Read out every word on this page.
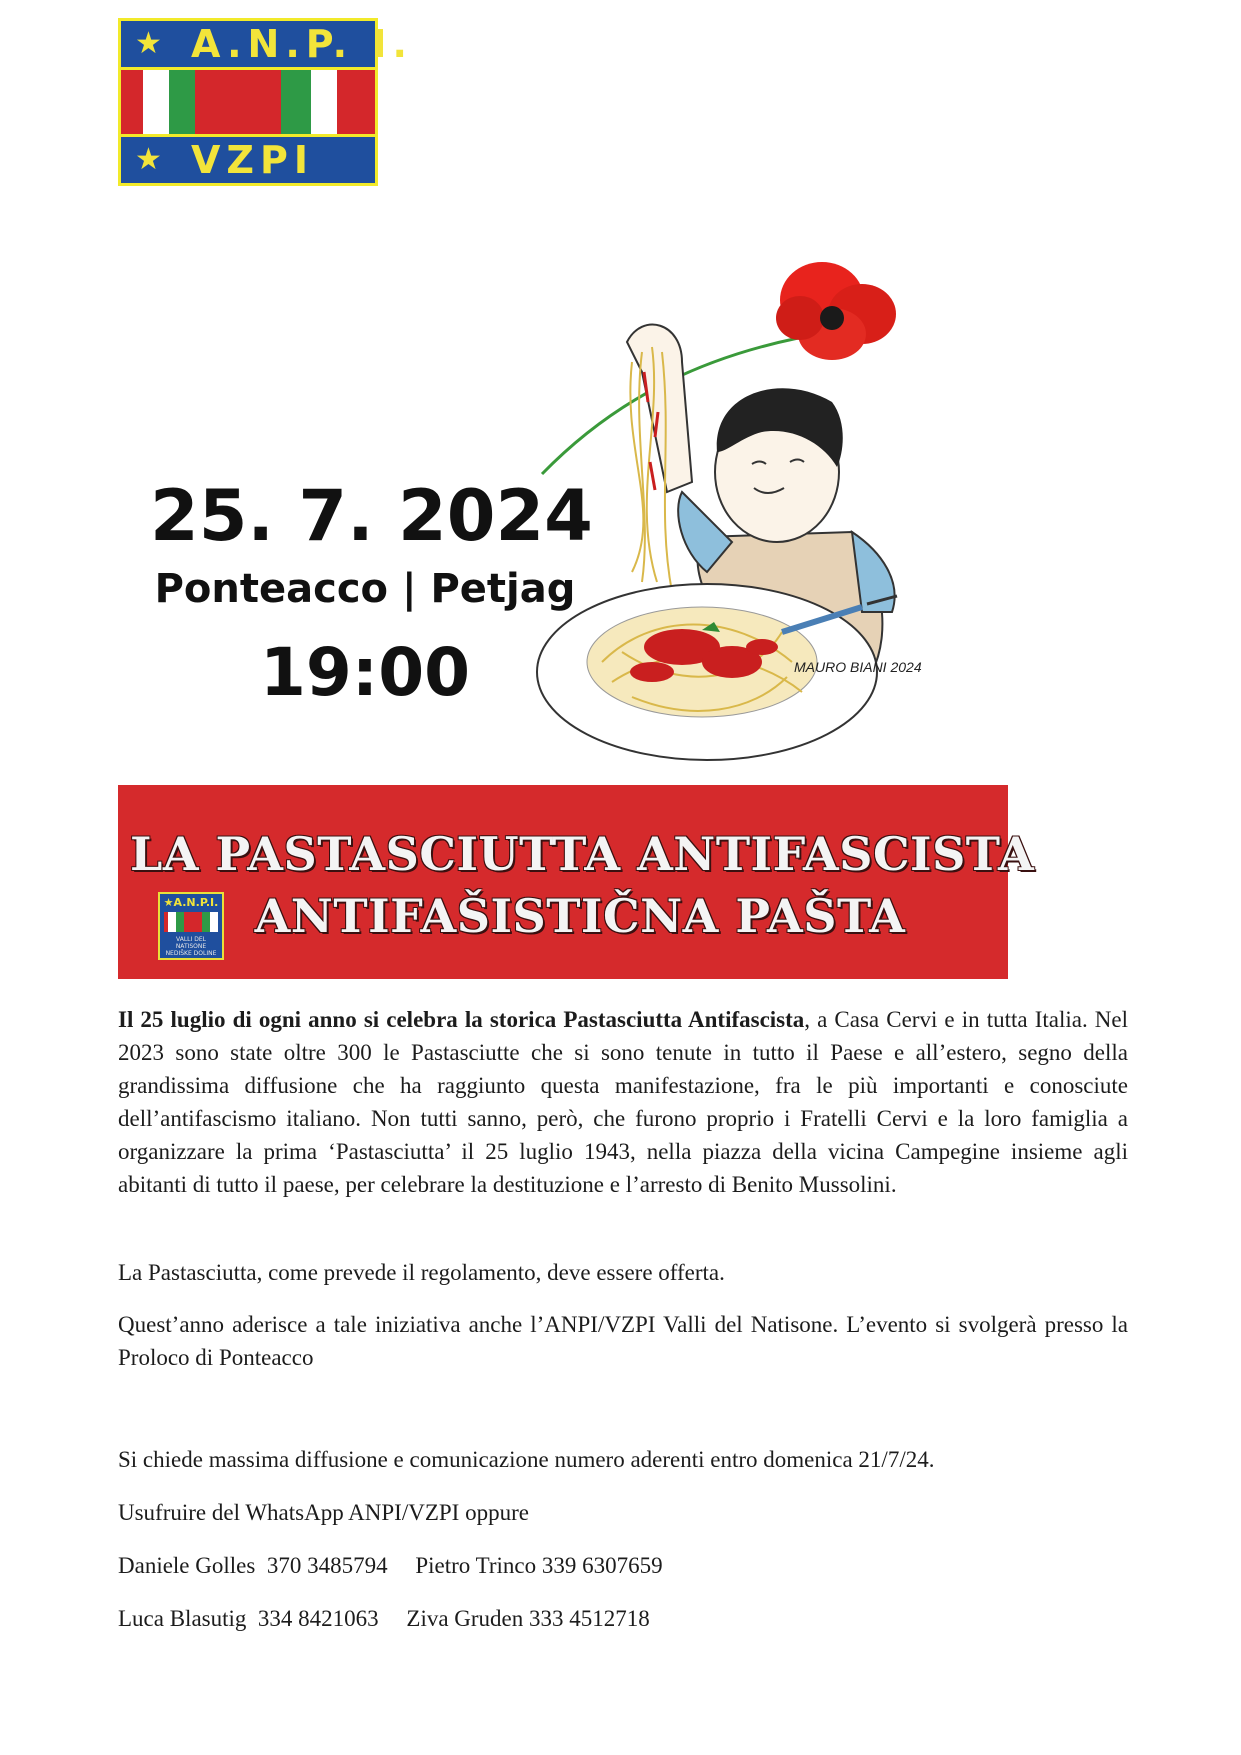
★ A.N.P. I.
★ VZPI
25. 7. 2024
Ponteacco | Petjag
19:00	MAURO BIANI 2024
LA PASTASCIUTTA ANTIFASCISTA
★A.N.P.I.
VALLI DEL NATISONE NEDIŠKE DOLINE
ANTIFAŠISTIČNA PAŠTA
Il 25 luglio di ogni anno si celebra la storica Pastasciutta Antifascista, a Casa Cervi e in tutta Italia. Nel 2023 sono state oltre 300 le Pastasciutte che si sono tenute in tutto il Paese e all’estero, segno della grandissima diffusione che ha raggiunto questa manifestazione, fra le più importanti e conosciute dell’antifascismo italiano. Non tutti sanno, però, che furono proprio i Fratelli Cervi e la loro famiglia a organizzare la prima ‘Pastasciutta’ il 25 luglio 1943, nella piazza della vicina Campegine insieme agli abitanti di tutto il paese, per celebrare la destituzione e l’arresto di Benito Mussolini.
La Pastasciutta, come prevede il regolamento, deve essere offerta.
Quest’anno aderisce a tale iniziativa anche l’ANPI/VZPI Valli del Natisone. L’evento si svolgerà presso la Proloco di Ponteacco
Si chiede massima diffusione e comunicazione numero aderenti entro domenica 21/7/24.
Usufruire del WhatsApp ANPI/VZPI oppure
Daniele Golles 370 3485794 Pietro Trinco 339 6307659
Luca Blasutig 334 8421063 Ziva Gruden 333 4512718
